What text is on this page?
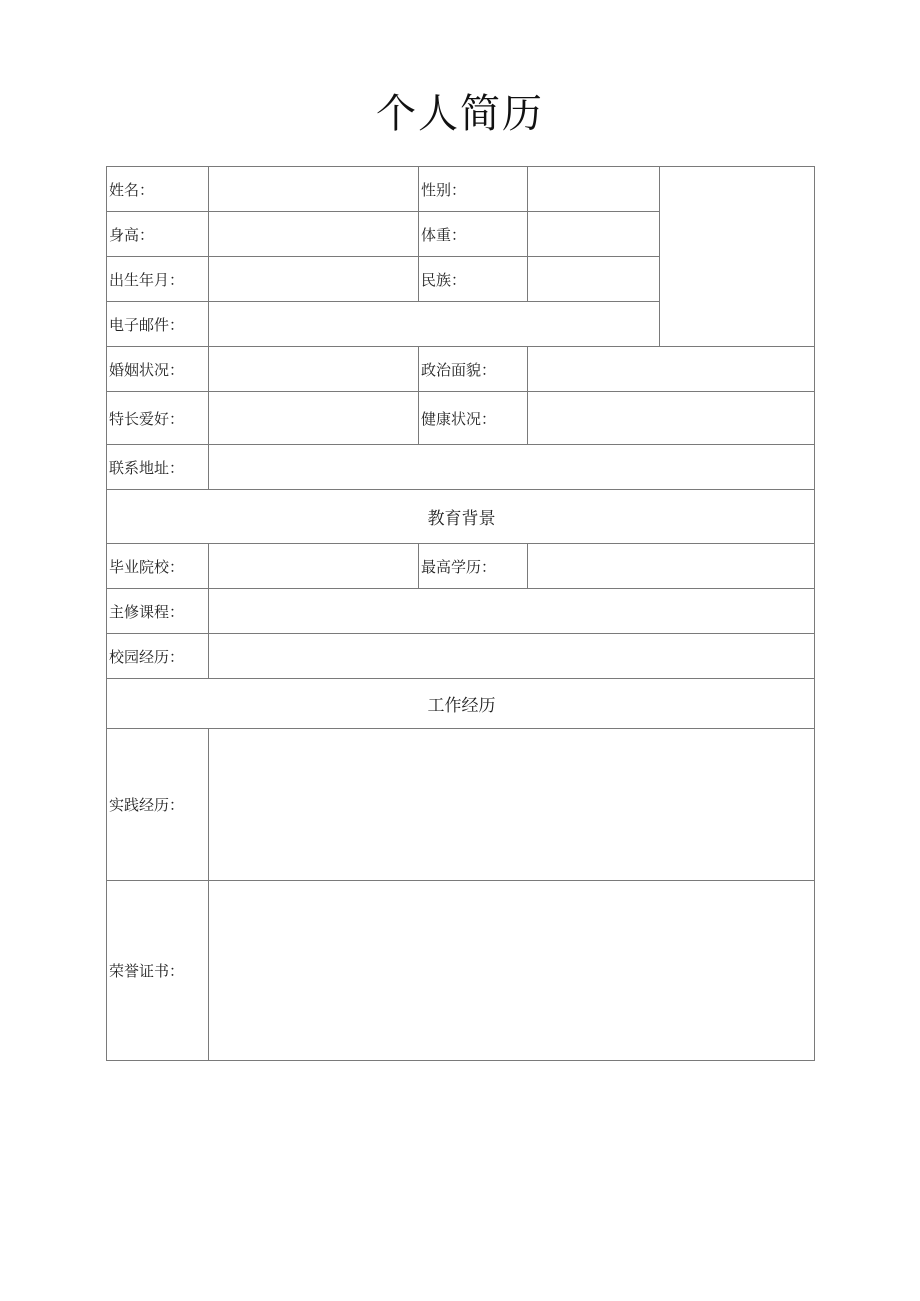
个人简历
姓名：		性别：		
身高：		体重：		
出生年月：		民族：		
电子邮件：				
婚姻状况：		政治面貌：		
特长爱好：		健康状况：		
联系地址：				
教育背景				
毕业院校：		最高学历：		
主修课程：				
校园经历：				
工作经历				
实践经历：				
荣誉证书：				
